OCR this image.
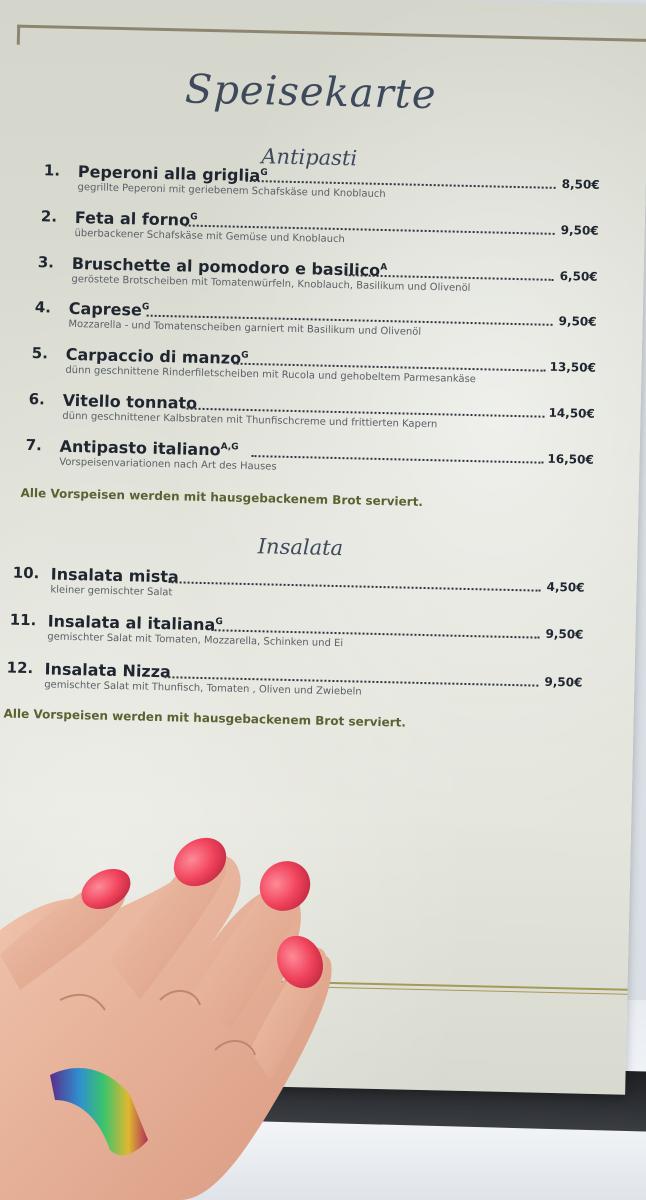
Speisekarte
Antipasti
1. Peperoni alla griglia$^G$
8,50€
gegrillte Peperoni mit geriebenem Schafskäse und Knoblauch
2. Feta al forno$^G$
9,50€
überbackener Schafskäse mit Gemüse und Knoblauch
3. Bruschette al pomodoro e basilico$^A$
6,50€
geröstete Brotscheiben mit Tomatenwürfeln, Knoblauch, Basilikum und Olivenöl
4. Caprese$^G$
9,50€
Mozzarella - und Tomatenscheiben garniert mit Basilikum und Olivenöl
5. Carpaccio di manzo$^G$
13,50€
dünn geschnittene Rinderfiletscheiben mit Rucola und gehobeltem Parmesankäse
6. Vitello tonnato
14,50€
dünn geschnittener Kalbsbraten mit Thunfischcreme und frittierten Kapern
7. Antipasto italiano$^{A,G}$
16,50€
Vorspeisenvariationen nach Art des Hauses
Alle Vorspeisen werden mit hausgebackenem Brot serviert.
Insalata
10. Insalata mista
4,50€
kleiner gemischter Salat
11. Insalata al italiana$^G$
9,50€
gemischter Salat mit Tomaten, Mozzarella, Schinken und Ei
12. Insalata Nizza
9,50€
gemischter Salat mit Thunfisch, Tomaten , Oliven und Zwiebeln
Alle Vorspeisen werden mit hausgebackenem Brot serviert.
